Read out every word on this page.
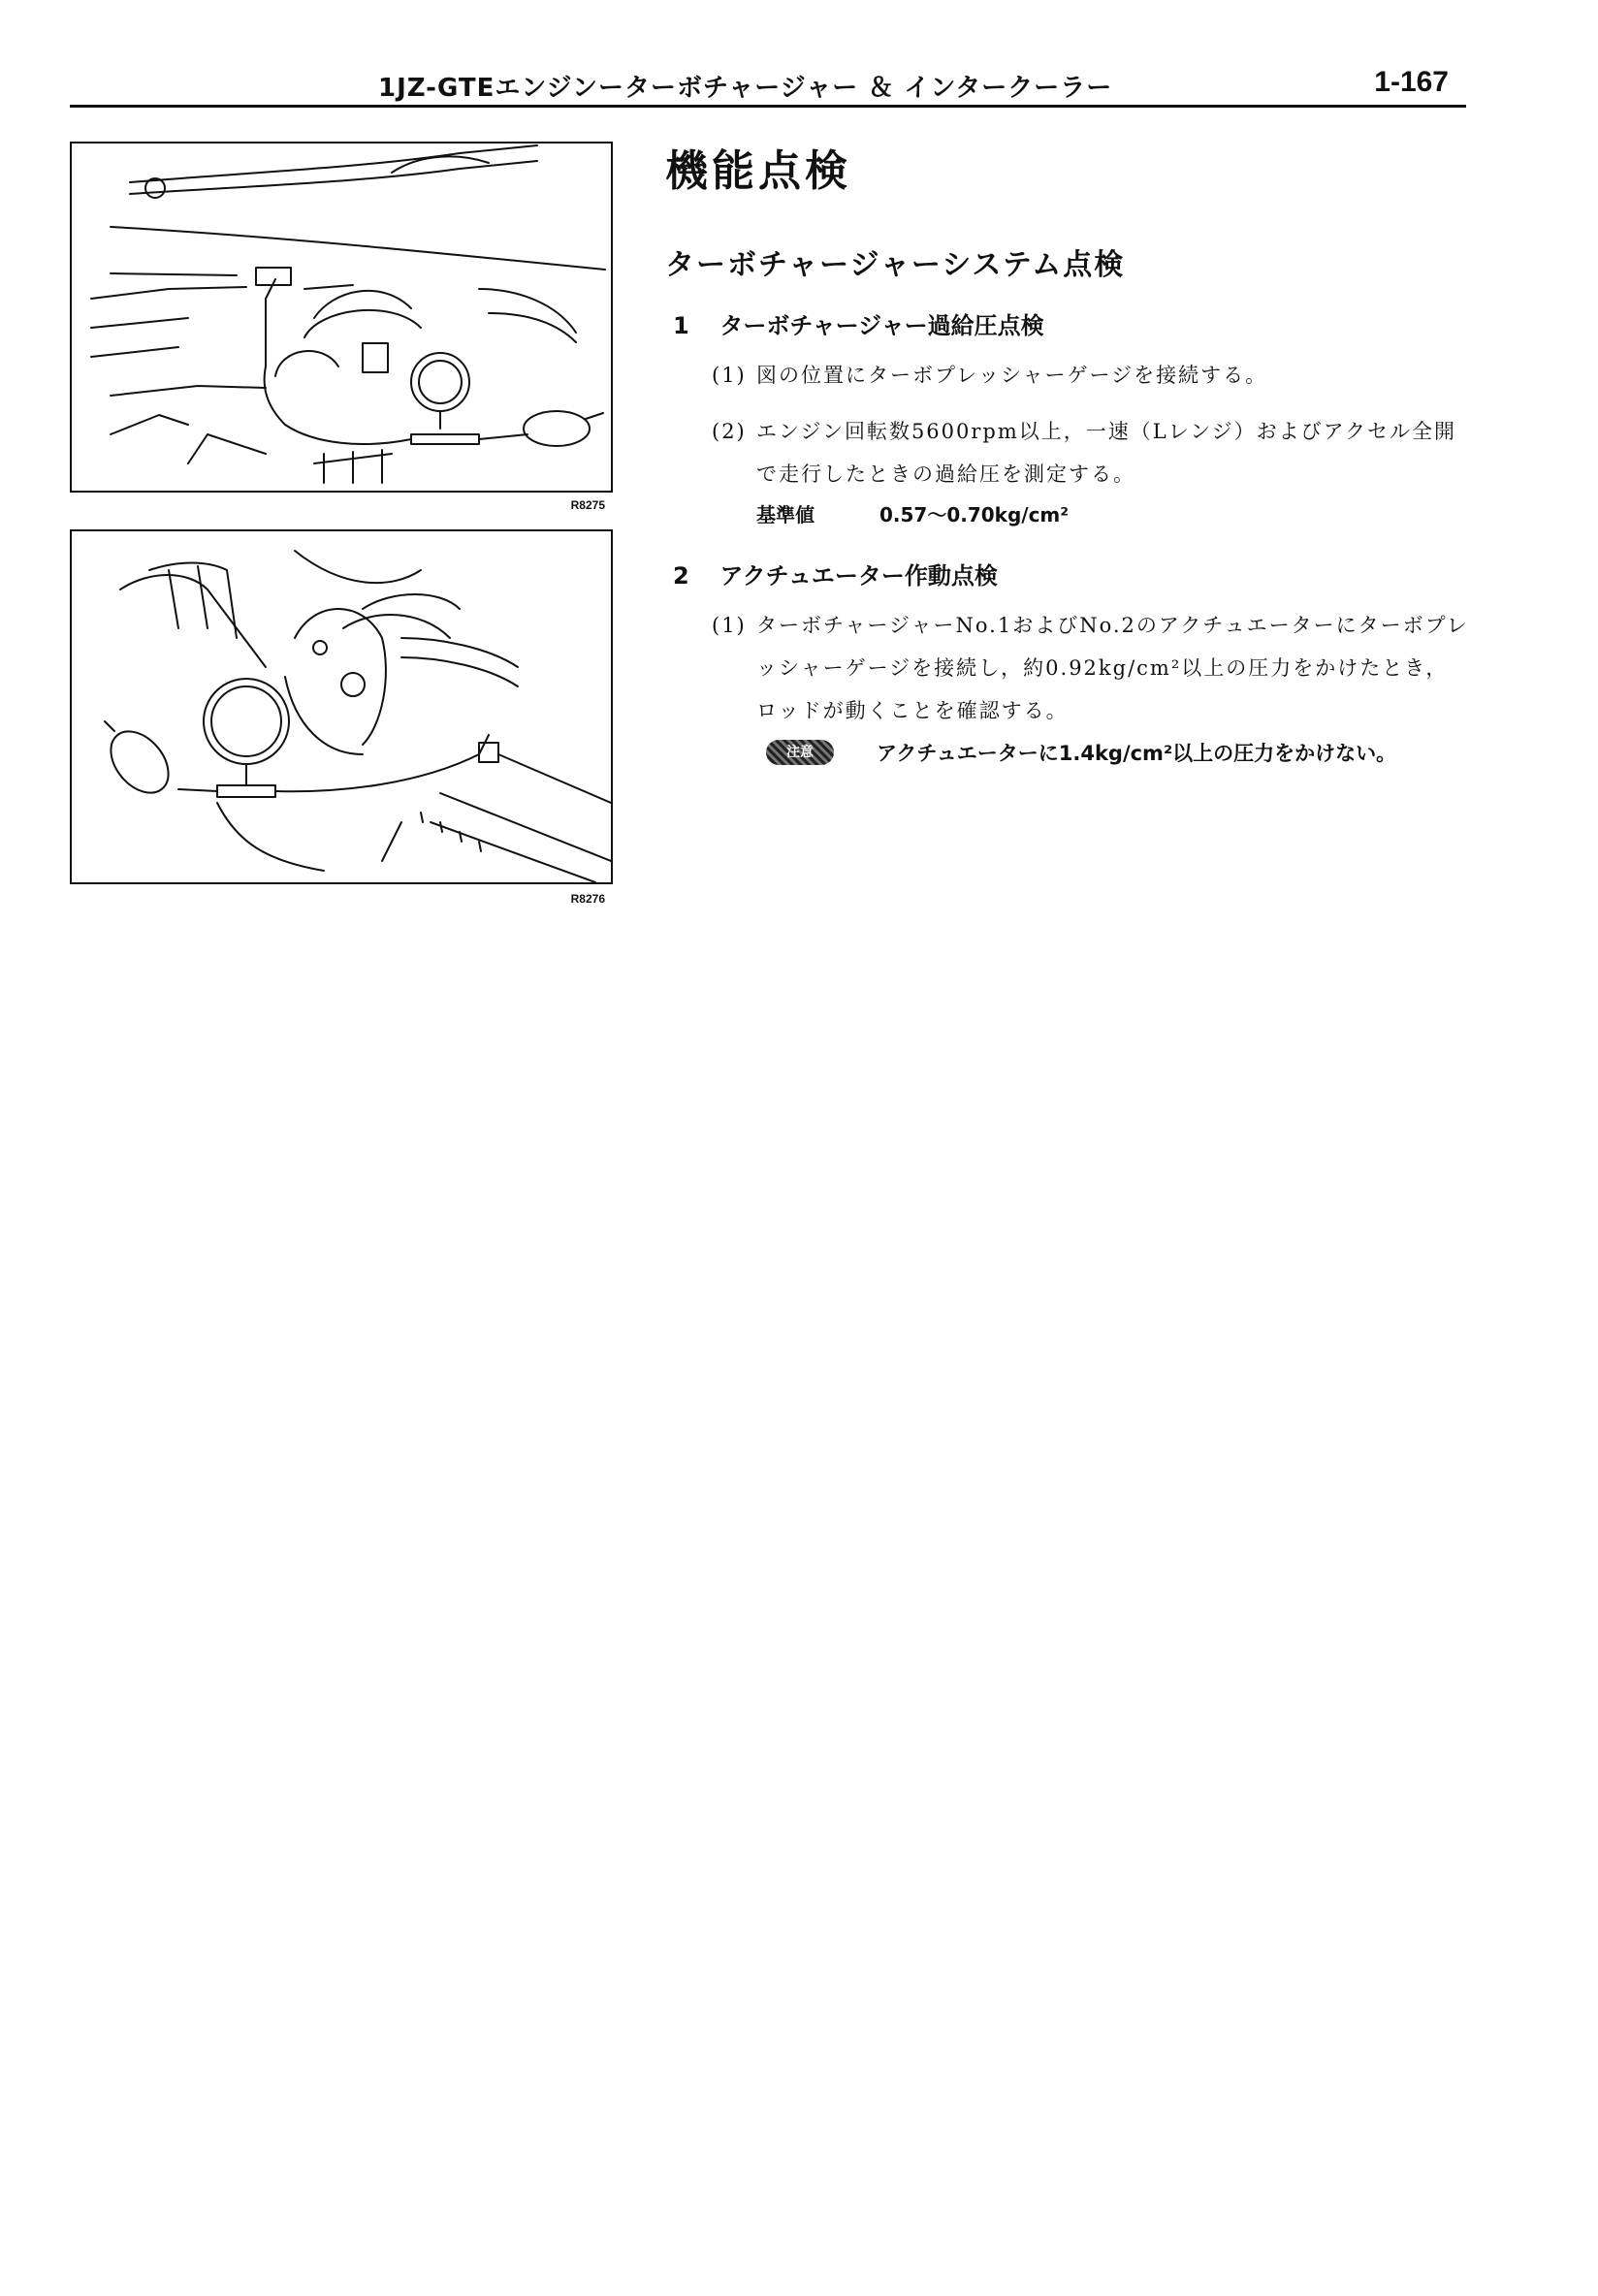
1JZ-GTEエンジンーターボチャージャー ＆ インタークーラー	1-167
R8275
R8276
機能点検
ターボチャージャーシステム点検
1 ターボチャージャー過給圧点検
(1) 図の位置にターボプレッシャーゲージを接続する。
(2) エンジン回転数5600rpm以上，一速（Lレンジ）およびアクセル全開で走行したときの過給圧を測定する。
基準値	0.57～0.70kg/cm²
2 アクチュエーター作動点検
(1) ターボチャージャーNo.1およびNo.2のアクチュエーターにターボプレッシャーゲージを接続し，約0.92kg/cm²以上の圧力をかけたとき，ロッドが動くことを確認する。
注意	アクチュエーターに1.4kg/cm²以上の圧力をかけない。
